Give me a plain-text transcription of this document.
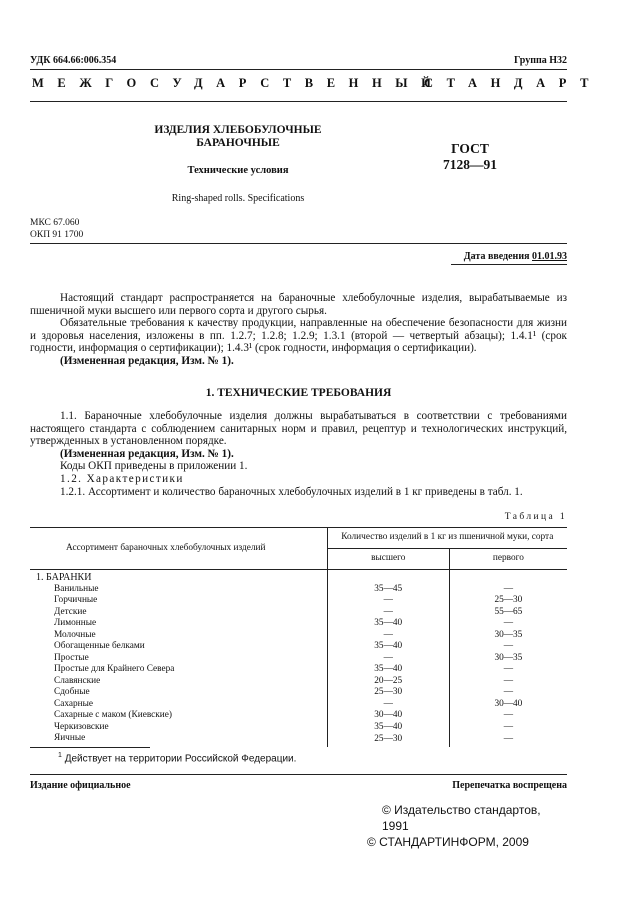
УДК 664.66:006.354	Группа Н32
МЕЖГОСУДАРСТВЕННЫЙ
СТАНДАРТ
ИЗДЕЛИЯ ХЛЕБОБУЛОЧНЫЕ
БАРАНОЧНЫЕ
Технические условия
Ring-shaped rolls. Specifications
ГОСТ
7128—91
МКС 67.060
ОКП 91 1700
Дата введения 01.01.93

Настоящий стандарт распространяется на бараночные хлебобулочные изделия, вырабатываемые из пшеничной муки высшего или первого сорта и другого сырья.

Обязательные требования к качеству продукции, направленные на обеспечение безопасности для жизни и здоровья населения, изложены в пп. 1.2.7; 1.2.8; 1.2.9; 1.3.1 (второй — четвертый абзацы); 1.4.1¹ (срок годности, информация о сертификации); 1.4.3¹ (срок годности, информация о сертификации).

(Измененная редакция, Изм. № 1).

1. ТЕХНИЧЕСКИЕ ТРЕБОВАНИЯ

1.1. Бараночные хлебобулочные изделия должны вырабатываться в соответствии с требованиями настоящего стандарта с соблюдением санитарных норм и правил, рецептур и технологических инструкций, утвержденных в установленном порядке.

(Измененная редакция, Изм. № 1).

Коды ОКП приведены в приложении 1.

1.2. Характеристики

1.2.1. Ассортимент и количество бараночных хлебобулочных изделий в 1 кг приведены в табл. 1.

Таблица 1
Ассортимент бараночных хлебобулочных изделий	Количество изделий в 1 кг из пшеничной муки, сорта	
	высшего	первого
1. БАРАНКИ		
Ванильные	35—45	—
Горчичные	—	25—30
Детские	—	55—65
Лимонные	35—40	—
Молочные	—	30—35
Обогащенные белками	35—40	—
Простые	—	30—35
Простые для Крайнего Севера	35—40	—
Славянские	20—25	—
Сдобные	25—30	—
Сахарные	—	30—40
Сахарные с маком (Киевские)	30—40	—
Черкизовские	35—40	—
Яичные	25—30	—
$^1$ Действует на территории Российской Федерации.
Издание официальное	Перепечатка воспрещена
© Издательство стандартов, 1991
© СТАНДАРТИНФОРМ, 2009
